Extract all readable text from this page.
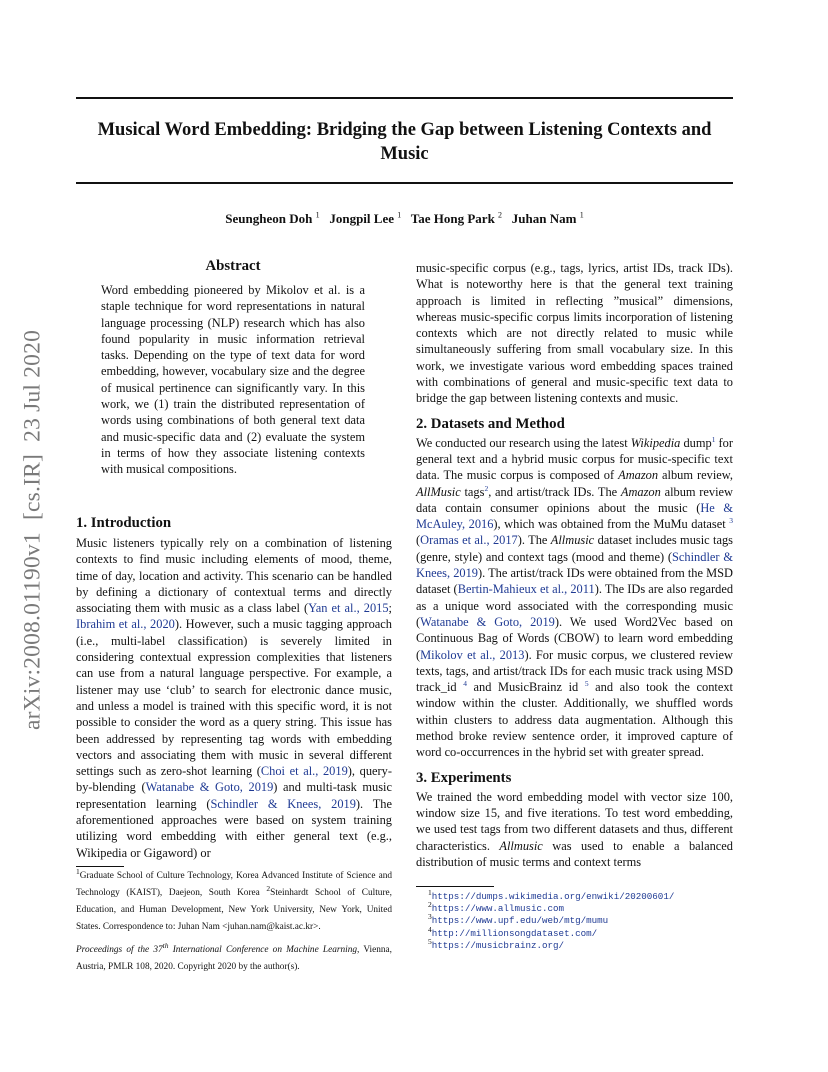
Musical Word Embedding: Bridging the Gap between Listening Contexts and Music
Seungheon Doh $^1$ Jongpil Lee $^1$ Tae Hong Park $^2$ Juhan Nam $^1$
arXiv:2008.01190v1  [cs.IR]  23 Jul 2020
Abstract

Word embedding pioneered by Mikolov et al. is a staple technique for word representations in natural language processing (NLP) research which has also found popularity in music information retrieval tasks. Depending on the type of text data for word embedding, however, vocabulary size and the degree of musical pertinence can significantly vary. In this work, we (1) train the distributed representation of words using combinations of both general text data and music-specific data and (2) evaluate the system in terms of how they associate listening contexts with musical compositions.

1. Introduction

Music listeners typically rely on a combination of listening contexts to find music including elements of mood, theme, time of day, location and activity. This scenario can be handled by defining a dictionary of contextual terms and directly associating them with music as a class label (Yan et al., 2015; Ibrahim et al., 2020). However, such a music tagging approach (i.e., multi-label classification) is severely limited in considering contextual expression complexities that listeners can use from a natural language perspective. For example, a listener may use ‘club’ to search for electronic dance music, and unless a model is trained with this specific word, it is not possible to consider the word as a query string. This issue has been addressed by representing tag words with embedding vectors and associating them with music in several different settings such as zero-shot learning (Choi et al., 2019), query-by-blending (Watanabe & Goto, 2019) and multi-task music representation learning (Schindler & Knees, 2019). The aforementioned approaches were based on system training utilizing word embedding with either general text (e.g., Wikipedia or Gigaword) or

$^1$Graduate School of Culture Technology, Korea Advanced Institute of Science and Technology (KAIST), Daejeon, South Korea $^2$Steinhardt School of Culture, Education, and Human Development, New York University, New York, United States. Correspondence to: Juhan Nam <juhan.nam@kaist.ac.kr>.
Proceedings of the 37th International Conference on Machine Learning, Vienna, Austria, PMLR 108, 2020. Copyright 2020 by the author(s).

music-specific corpus (e.g., tags, lyrics, artist IDs, track IDs). What is noteworthy here is that the general text training approach is limited in reflecting ”musical” dimensions, whereas music-specific corpus limits incorporation of listening contexts which are not directly related to music while simultaneously suffering from small vocabulary size. In this work, we investigate various word embedding spaces trained with combinations of general and music-specific text data to bridge the gap between listening contexts and music.

2. Datasets and Method

We conducted our research using the latest Wikipedia dump$^1$ for general text and a hybrid music corpus for music-specific text data. The music corpus is composed of Amazon album review, AllMusic tags$^2$, and artist/track IDs. The Amazon album review data contain consumer opinions about the music (He & McAuley, 2016), which was obtained from the MuMu dataset $^3$ (Oramas et al., 2017). The Allmusic dataset includes music tags (genre, style) and context tags (mood and theme) (Schindler & Knees, 2019). The artist/track IDs were obtained from the MSD dataset (Bertin-Mahieux et al., 2011). The IDs are also regarded as a unique word associated with the corresponding music (Watanabe & Goto, 2019). We used Word2Vec based on Continuous Bag of Words (CBOW) to learn word embedding (Mikolov et al., 2013). For music corpus, we clustered review texts, tags, and artist/track IDs for each music track using MSD track_id $^4$ and MusicBrainz id $^5$ and also took the context window within the cluster. Additionally, we shuffled words within clusters to address data augmentation. Although this method broke review sentence order, it improved capture of word co-occurrences in the hybrid set with greater spread.

3. Experiments

We trained the word embedding model with vector size 100, window size 15, and five iterations. To test word embedding, we used test tags from two different datasets and thus, different characteristics. Allmusic was used to enable a balanced distribution of music terms and context terms

$^1$https://dumps.wikimedia.org/enwiki/20200601/
$^2$https://www.allmusic.com
$^3$https://www.upf.edu/web/mtg/mumu
$^4$http://millionsongdataset.com/
$^5$https://musicbrainz.org/
